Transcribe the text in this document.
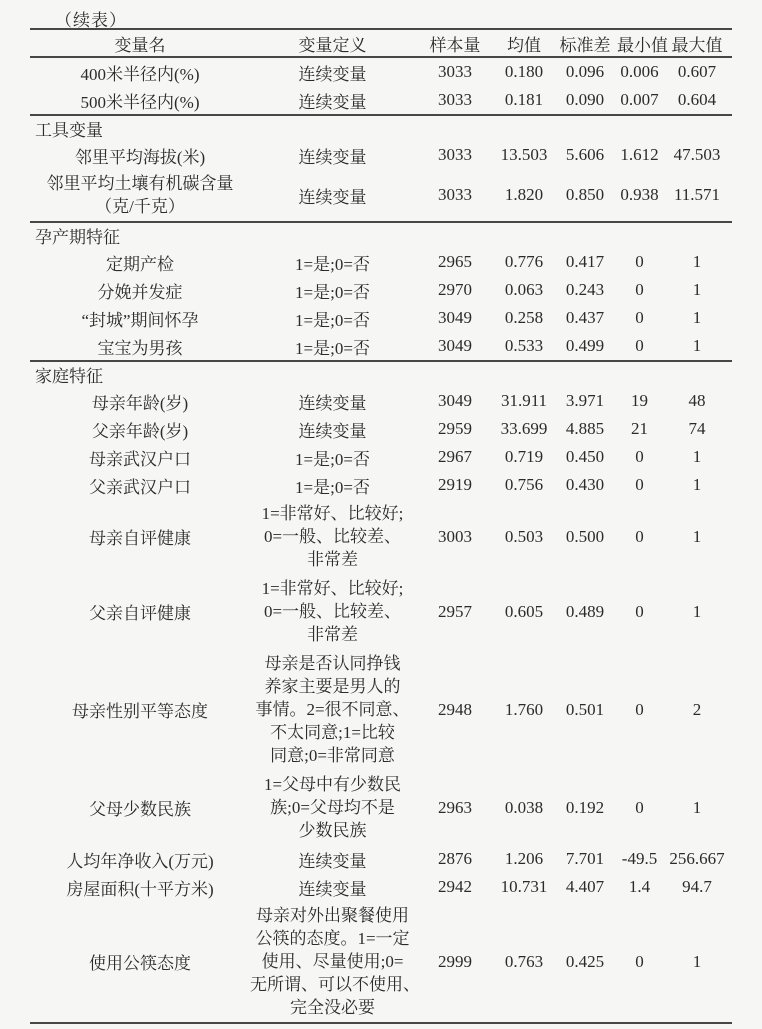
（续表）
变量名	变量定义	样本量	均值	标准差	最小值	最大值
400米半径内(%)	连续变量	3033	0.180	0.096	0.006	0.607
500米半径内(%)	连续变量	3033	0.181	0.090	0.007	0.604
工具变量						
邻里平均海拔(米)	连续变量	3033	13.503	5.606	1.612	47.503

邻里平均土壤有机碳含量
（克/千克）	连续变量	3033	1.820	0.850	0.938	11.571
孕产期特征						
定期产检	1=是;0=否	2965	0.776	0.417	0	1
分娩并发症	1=是;0=否	2970	0.063	0.243	0	1
“封城”期间怀孕	1=是;0=否	3049	0.258	0.437	0	1
宝宝为男孩	1=是;0=否	3049	0.533	0.499	0	1
家庭特征						
母亲年龄(岁)	连续变量	3049	31.911	3.971	19	48
父亲年龄(岁)	连续变量	2959	33.699	4.885	21	74
母亲武汉户口	1=是;0=否	2967	0.719	0.450	0	1
父亲武汉户口	1=是;0=否	2919	0.756	0.430	0	1
母亲自评健康	1=非常好、比较好;
0=一般、比较差、
非常差	3003	0.503	0.500	0	1
父亲自评健康	1=非常好、比较好;
0=一般、比较差、
非常差	2957	0.605	0.489	0	1
母亲性别平等态度	母亲是否认同挣钱
养家主要是男人的
事情。2=很不同意、
不太同意;1=比较
同意;0=非常同意	2948	1.760	0.501	0	2
父母少数民族	1=父母中有少数民
族;0=父母均不是
少数民族	2963	0.038	0.192	0	1
人均年净收入(万元)	连续变量	2876	1.206	7.701	-49.5	256.667
房屋面积(十平方米)	连续变量	2942	10.731	4.407	1.4	94.7
使用公筷态度	母亲对外出聚餐使用
公筷的态度。1=一定
使用、尽量使用;0=
无所谓、可以不使用、
完全没必要	2999	0.763	0.425	0	1
